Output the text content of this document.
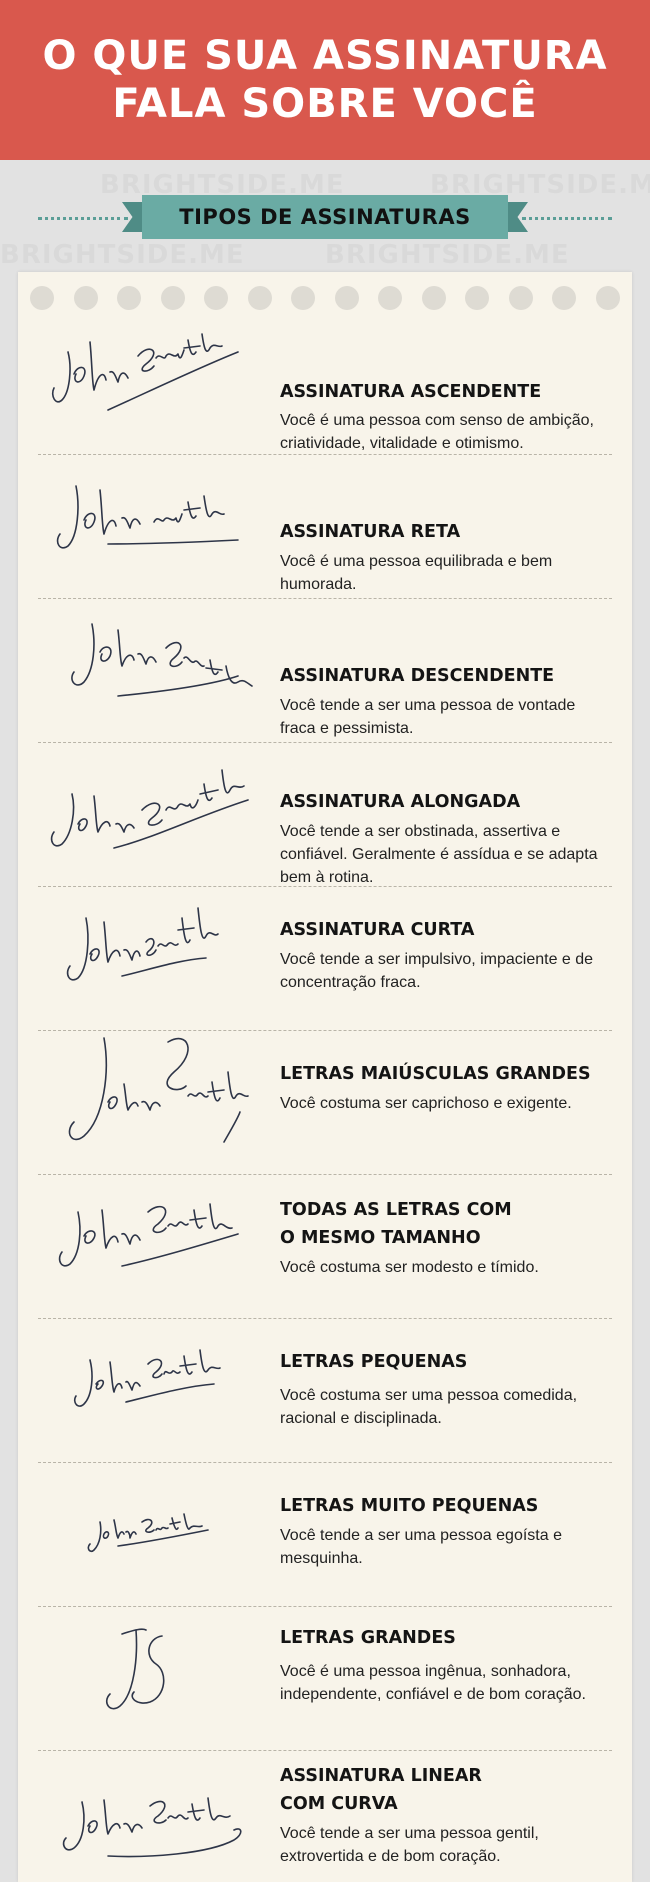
O QUE SUA ASSINATURA
FALA SOBRE VOCÊ
TIPOS DE ASSINATURAS
ASSINATURA ASCENDENTE
Você é uma pessoa com senso de ambição, criatividade, vitalidade e otimismo.
ASSINATURA RETA
Você é uma pessoa equilibrada e bem humorada.
ASSINATURA DESCENDENTE
Você tende a ser uma pessoa de vontade fraca e pessimista.
ASSINATURA ALONGADA
Você tende a ser obstinada, assertiva e confiável. Geralmente é assídua e se adapta bem à rotina.
ASSINATURA CURTA
Você tende a ser impulsivo, impaciente e de concentração fraca.
LETRAS MAIÚSCULAS GRANDES
Você costuma ser caprichoso e exigente.
TODAS AS LETRAS COM
O MESMO TAMANHO
Você costuma ser modesto e tímido.
LETRAS PEQUENAS
Você costuma ser uma pessoa comedida, racional e disciplinada.
LETRAS MUITO PEQUENAS
Você tende a ser uma pessoa egoísta e mesquinha.
LETRAS GRANDES
Você é uma pessoa ingênua, sonhadora, independente, confiável e de bom coração.
ASSINATURA LINEAR
COM CURVA
Você tende a ser uma pessoa gentil, extrovertida e de bom coração.
